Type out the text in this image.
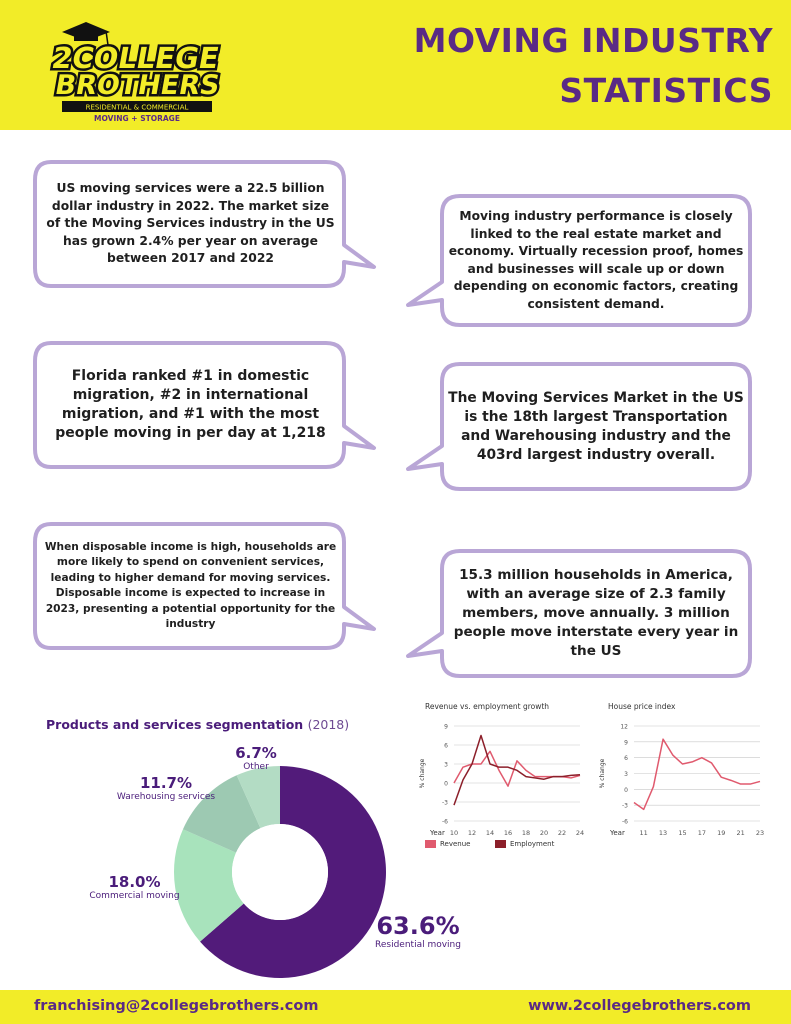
2COLLEGE
BROTHERS
RESIDENTIAL & COMMERCIAL
MOVING + STORAGE
MOVING INDUSTRY
STATISTICS
US moving services were a 22.5 billion dollar industry in 2022. The market size of the Moving Services industry in the US has grown 2.4% per year on average between 2017 and 2022
Moving industry performance is closely linked to the real estate market and economy. Virtually recession proof, homes and businesses will scale up or down depending on economic factors, creating consistent demand.
Florida ranked #1 in domestic migration, #2 in international migration, and #1 with the most people moving in per day at 1,218
The Moving Services Market in the US is the 18th largest Transportation and Warehousing industry and the 403rd largest industry overall.
When disposable income is high, households are more likely to spend on convenient services, leading to higher demand for moving services. Disposable income is expected to increase in 2023, presenting a potential opportunity for the industry
15.3 million households in America, with an average size of 2.3 family members, move annually. 3 million people move interstate every year in the US
Products and services segmentation (2018)
63.6%
Residential moving
18.0%
Commercial moving
11.7%
Warehousing services
6.7%
Other
Revenue vs. employment growth
9
6
3
0
-3
-6
% change
Year 10 12 14 16 18 20 22 24
Revenue	Employment
House price index
12
9
6
3
0
-3
-6
% change
Year 11 13 15 17 19 21 23
franchising@2collegebrothers.com	www.2collegebrothers.com
